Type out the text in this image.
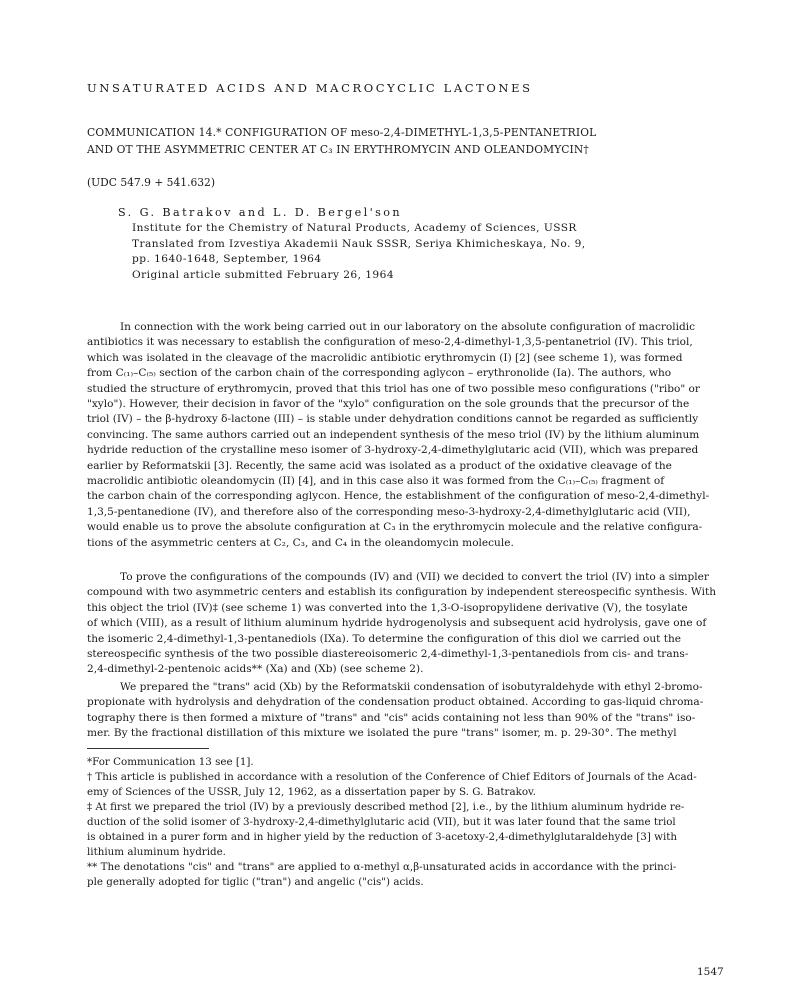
UNSATURATED ACIDS AND MACROCYCLIC LACTONES
COMMUNICATION 14.* CONFIGURATION OF meso-2,4-DIMETHYL-1,3,5-PENTANETRIOL
AND OT THE ASYMMETRIC CENTER AT C₃ IN ERYTHROMYCIN AND OLEANDOMYCIN†
(UDC 547.9 + 541.632)
S. G. Batrakov and L. D. Bergel'son
Institute for the Chemistry of Natural Products, Academy of Sciences, USSR
Translated from Izvestiya Akademii Nauk SSSR, Seriya Khimicheskaya, No. 9,
pp. 1640-1648, September, 1964
Original article submitted February 26, 1964
In connection with the work being carried out in our laboratory on the absolute configuration of macrolidic
antibiotics it was necessary to establish the configuration of meso-2,4-dimethyl-1,3,5-pentanetriol (IV). This triol,
which was isolated in the cleavage of the macrolidic antibiotic erythromycin (I) [2] (see scheme 1), was formed
from C₍₁₎–C₍₅₎ section of the carbon chain of the corresponding aglycon – erythronolide (Ia). The authors, who
studied the structure of erythromycin, proved that this triol has one of two possible meso configurations ("ribo" or
"xylo"). However, their decision in favor of the "xylo" configuration on the sole grounds that the precursor of the
triol (IV) – the β-hydroxy δ-lactone (III) – is stable under dehydration conditions cannot be regarded as sufficiently
convincing. The same authors carried out an independent synthesis of the meso triol (IV) by the lithium aluminum
hydride reduction of the crystalline meso isomer of 3-hydroxy-2,4-dimethylglutaric acid (VII), which was prepared
earlier by Reformatskii [3]. Recently, the same acid was isolated as a product of the oxidative cleavage of the
macrolidic antibiotic oleandomycin (II) [4], and in this case also it was formed from the C₍₁₎–C₍₅₎ fragment of
the carbon chain of the corresponding aglycon. Hence, the establishment of the configuration of meso-2,4-dimethyl-
1,3,5-pentanedione (IV), and therefore also of the corresponding meso-3-hydroxy-2,4-dimethylglutaric acid (VII),
would enable us to prove the absolute configuration at C₃ in the erythromycin molecule and the relative configura-
tions of the asymmetric centers at C₂, C₃, and C₄ in the oleandomycin molecule.
To prove the configurations of the compounds (IV) and (VII) we decided to convert the triol (IV) into a simpler
compound with two asymmetric centers and establish its configuration by independent stereospecific synthesis. With
this object the triol (IV)‡ (see scheme 1) was converted into the 1,3-O-isopropylidene derivative (V), the tosylate
of which (VIII), as a result of lithium aluminum hydride hydrogenolysis and subsequent acid hydrolysis, gave one of
the isomeric 2,4-dimethyl-1,3-pentanediols (IXa). To determine the configuration of this diol we carried out the
stereospecific synthesis of the two possible diastereoisomeric 2,4-dimethyl-1,3-pentanediols from cis- and trans-
2,4-dimethyl-2-pentenoic acids** (Xa) and (Xb) (see scheme 2).
We prepared the "trans" acid (Xb) by the Reformatskii condensation of isobutyraldehyde with ethyl 2-bromo-
propionate with hydrolysis and dehydration of the condensation product obtained. According to gas-liquid chroma-
tography there is then formed a mixture of "trans" and "cis" acids containing not less than 90% of the "trans" iso-
mer. By the fractional distillation of this mixture we isolated the pure "trans" isomer, m. p. 29-30°. The methyl
*For Communication 13 see [1].
† This article is published in accordance with a resolution of the Conference of Chief Editors of Journals of the Acad-
emy of Sciences of the USSR, July 12, 1962, as a dissertation paper by S. G. Batrakov.
‡ At first we prepared the triol (IV) by a previously described method [2], i.e., by the lithium aluminum hydride re-
duction of the solid isomer of 3-hydroxy-2,4-dimethylglutaric acid (VII), but it was later found that the same triol
is obtained in a purer form and in higher yield by the reduction of 3-acetoxy-2,4-dimethylglutaraldehyde [3] with
lithium aluminum hydride.
** The denotations "cis" and "trans" are applied to α-methyl α,β-unsaturated acids in accordance with the princi-
ple generally adopted for tiglic ("tran") and angelic ("cis") acids.
1547
